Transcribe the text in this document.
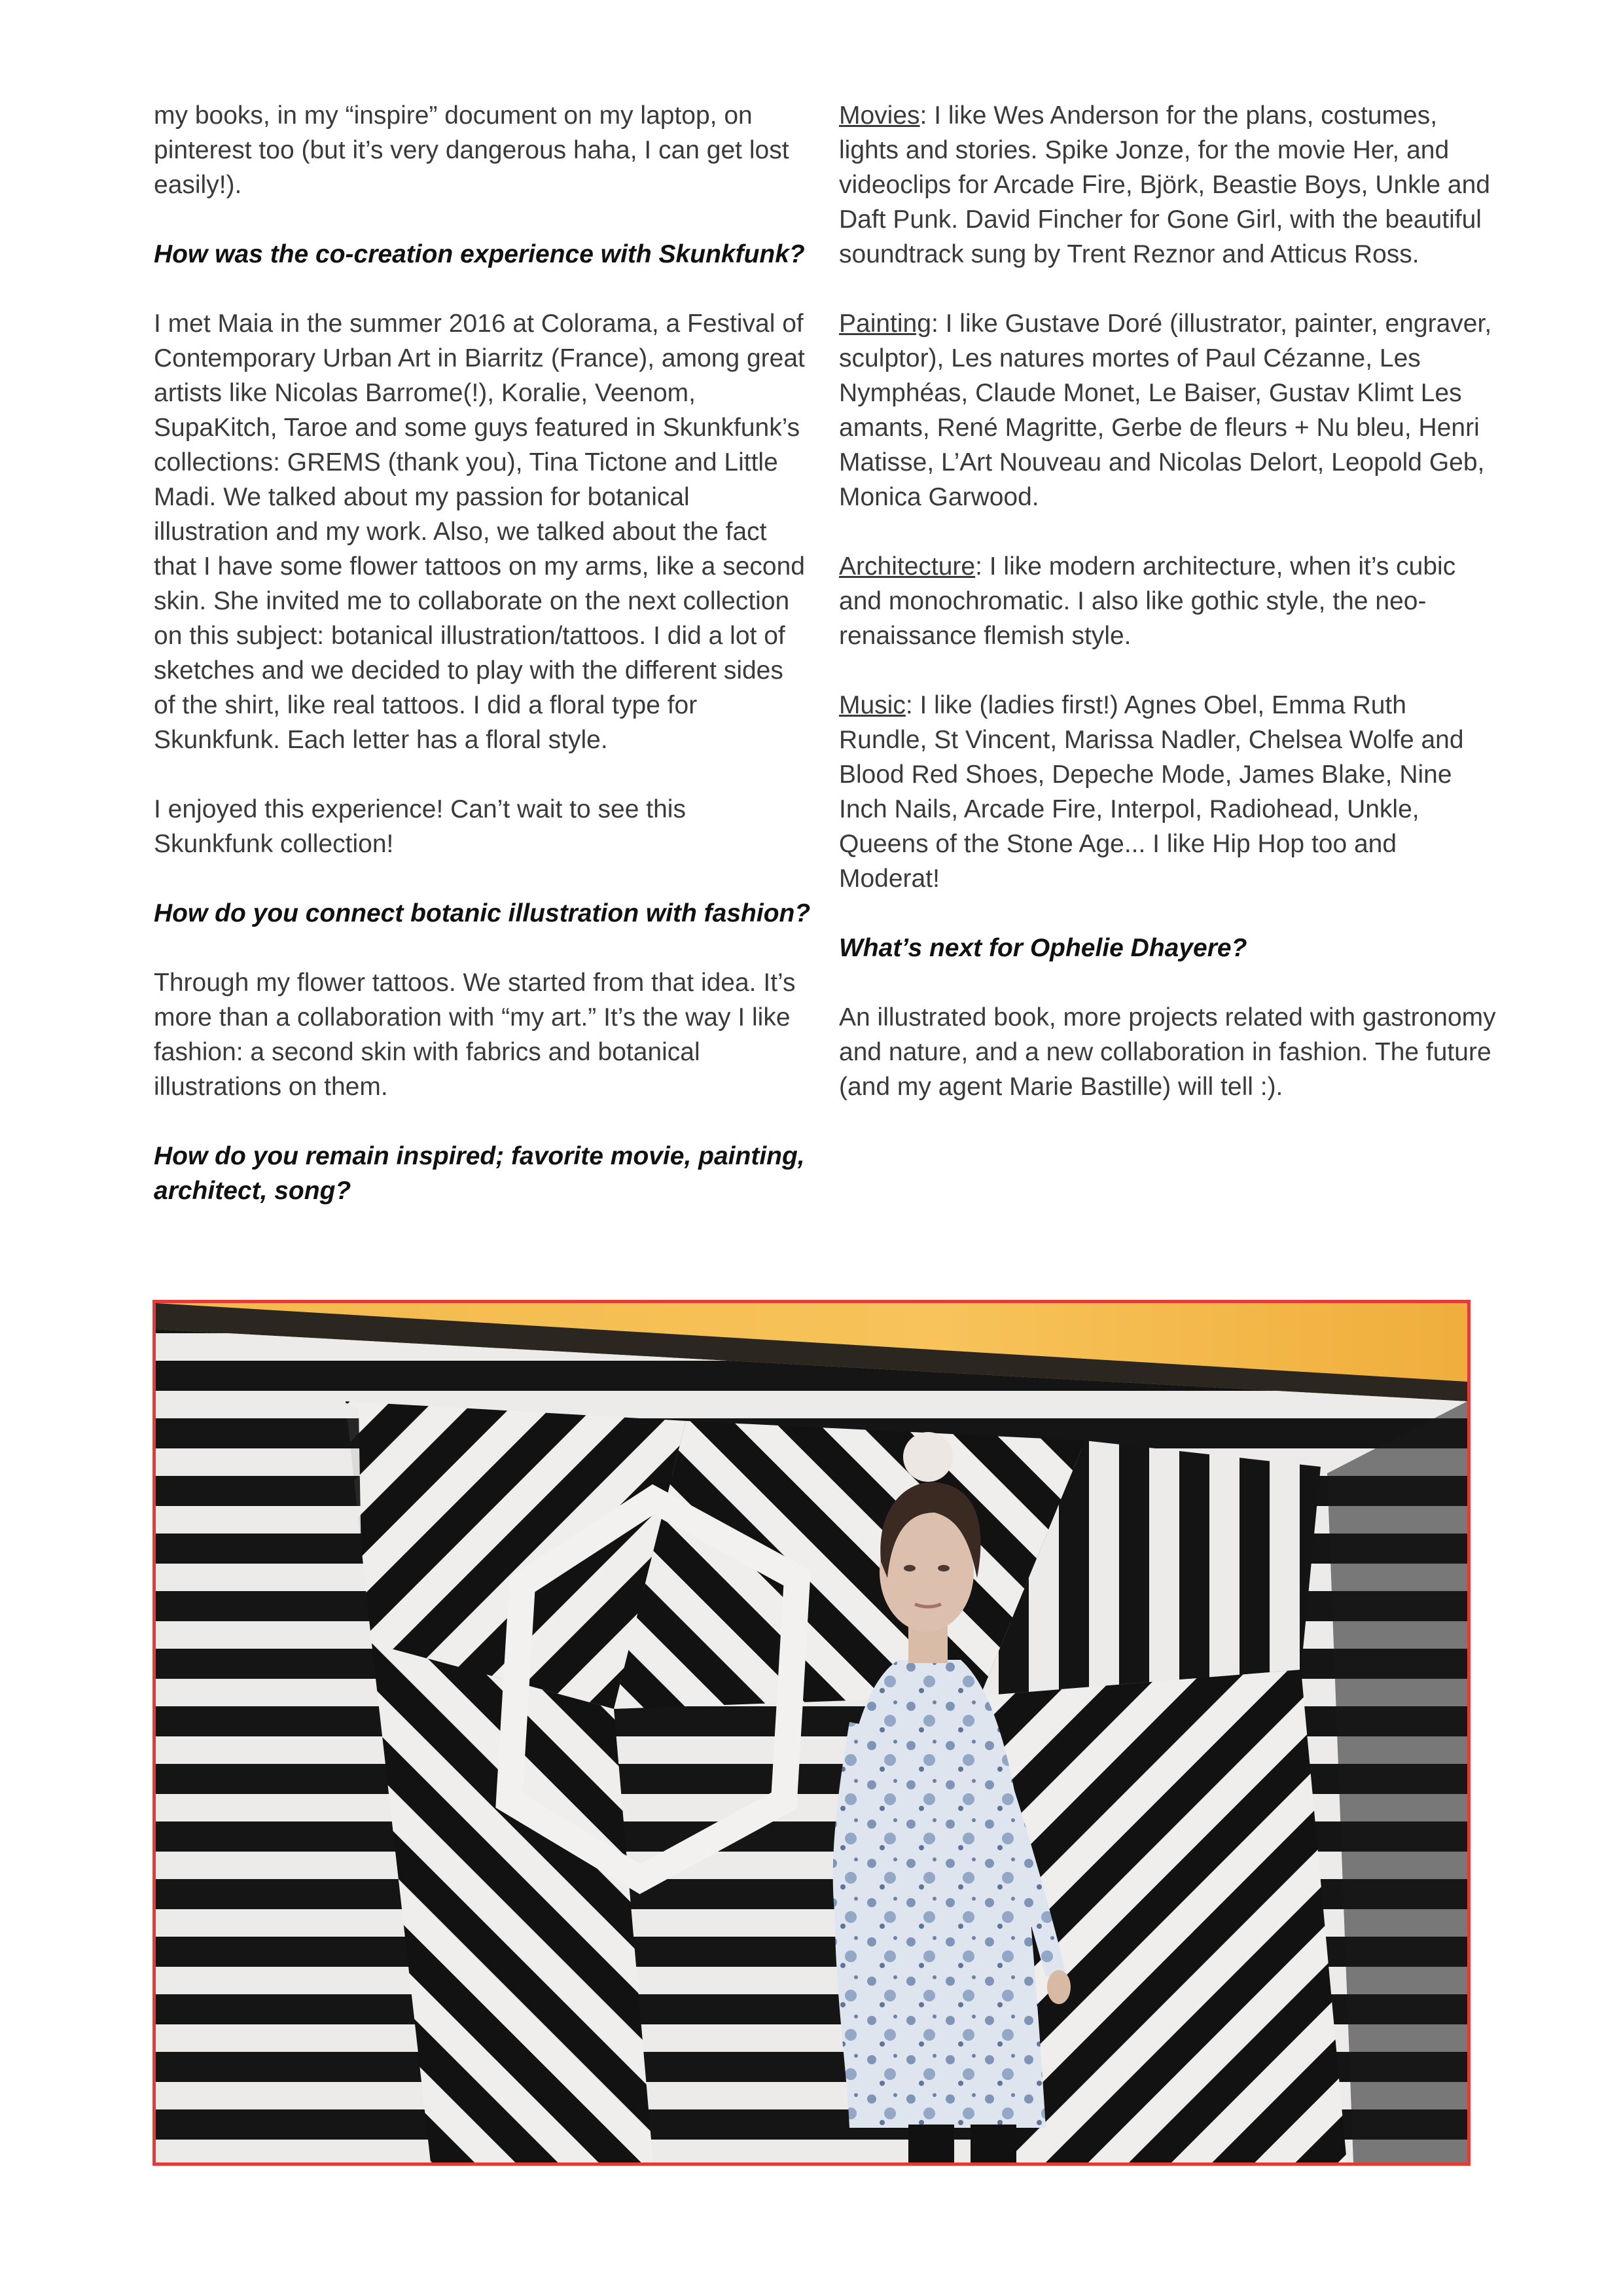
my books, in my “inspire” document on my laptop, on pinterest too (but it’s very dangerous haha, I can get lost easily!).

How was the co-creation experience with Skunkfunk?

I met Maia in the summer 2016 at Colorama, a Festival of Contemporary Urban Art in Biarritz (France), among great artists like Nicolas Barrome(!), Koralie, Veenom, SupaKitch, Taroe and some guys featured in Skunkfunk’s collections: GREMS (thank you), Tina Tictone and Little Madi. We talked about my passion for botanical illustration and my work. Also, we talked about the fact that I have some flower tattoos on my arms, like a second skin. She invited me to collaborate on the next collection on this subject: botanical illustration/tattoos. I did a lot of sketches and we decided to play with the different sides of the shirt, like real tattoos. I did a floral type for Skunkfunk. Each letter has a floral style.

I enjoyed this experience! Can’t wait to see this Skunkfunk collection!

How do you connect botanic illustration with fashion?

Through my flower tattoos. We started from that idea. It’s more than a collaboration with “my art.” It’s the way I like fashion: a second skin with fabrics and botanical illustrations on them.

How do you remain inspired; favorite movie, painting, architect, song?

Movies: I like Wes Anderson for the plans, costumes, lights and stories. Spike Jonze, for the movie Her, and videoclips for Arcade Fire, Björk, Beastie Boys, Unkle and Daft Punk. David Fincher for Gone Girl, with the beautiful soundtrack sung by Trent Reznor and Atticus Ross.

Painting: I like Gustave Doré (illustrator, painter, engraver, sculptor), Les natures mortes of Paul Cézanne, Les Nymphéas, Claude Monet, Le Baiser, Gustav Klimt Les amants, René Magritte, Gerbe de fleurs + Nu bleu, Henri Matisse, L’Art Nouveau and Nicolas Delort, Leopold Geb, Monica Garwood.

Architecture: I like modern architecture, when it’s cubic and monochromatic. I also like gothic style, the neo-renaissance flemish style.

Music: I like (ladies first!) Agnes Obel, Emma Ruth Rundle, St Vincent, Marissa Nadler, Chelsea Wolfe and Blood Red Shoes, Depeche Mode, James Blake, Nine Inch Nails, Arcade Fire, Interpol, Radiohead, Unkle, Queens of the Stone Age... I like Hip Hop too and Moderat!

What’s next for Ophelie Dhayere?

An illustrated book, more projects related with gastronomy and nature, and a new collaboration in fashion. The future (and my agent Marie Bastille) will tell :).
